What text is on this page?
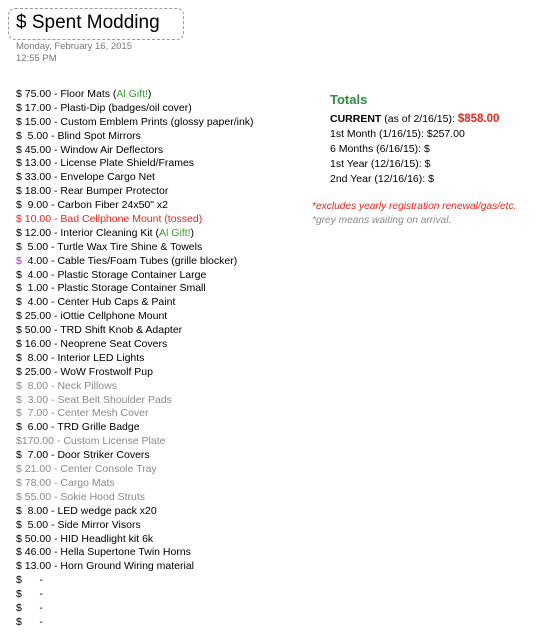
$ Spent Modding
Monday, February 16, 2015
12:55 PM
$ 75.00 - Floor Mats (Al Gift!)
$ 17.00 - Plasti-Dip (badges/oil cover)
$ 15.00 - Custom Emblem Prints (glossy paper/ink)
$  5.00 - Blind Spot Mirrors
$ 45.00 - Window Air Deflectors
$ 13.00 - License Plate Shield/Frames
$ 33.00 - Envelope Cargo Net
$ 18.00 - Rear Bumper Protector
$  9.00 - Carbon Fiber 24x50" x2
$ 10.00 - Bad Cellphone Mount (tossed)
$ 12.00 - Interior Cleaning Kit (Al Gift!)
$  5.00 - Turtle Wax Tire Shine & Towels
$  4.00 - Cable Ties/Foam Tubes (grille blocker)
$  4.00 - Plastic Storage Container Large
$  1.00 - Plastic Storage Container Small
$  4.00 - Center Hub Caps & Paint
$ 25.00 - iOttie Cellphone Mount
$ 50.00 - TRD Shift Knob & Adapter
$ 16.00 - Neoprene Seat Covers
$  8.00 - Interior LED Lights
$ 25.00 - WoW Frostwolf Pup
$  8.00 - Neck Pillows
$  3.00 - Seat Belt Shoulder Pads
$  7.00 - Center Mesh Cover
$  6.00 - TRD Grille Badge
$170.00 - Custom License Plate
$  7.00 - Door Striker Covers
$ 21.00 - Center Console Tray
$ 78.00 - Cargo Mats
$ 55.00 - Sokie Hood Struts
$  8.00 - LED wedge pack x20
$  5.00 - Side Mirror Visors
$ 50.00 - HID Headlight kit 6k
$ 46.00 - Hella Supertone Twin Horns
$ 13.00 - Horn Ground Wiring material
$      -
$      -
$      -
$      -
Totals
CURRENT (as of 2/16/15): $858.00
1st Month (1/16/15): $257.00
6 Months (6/16/15): $
1st Year (12/16/15): $
2nd Year (12/16/16): $
*excludes yearly registration renewal/gas/etc.
*grey means waiting on arrival.
